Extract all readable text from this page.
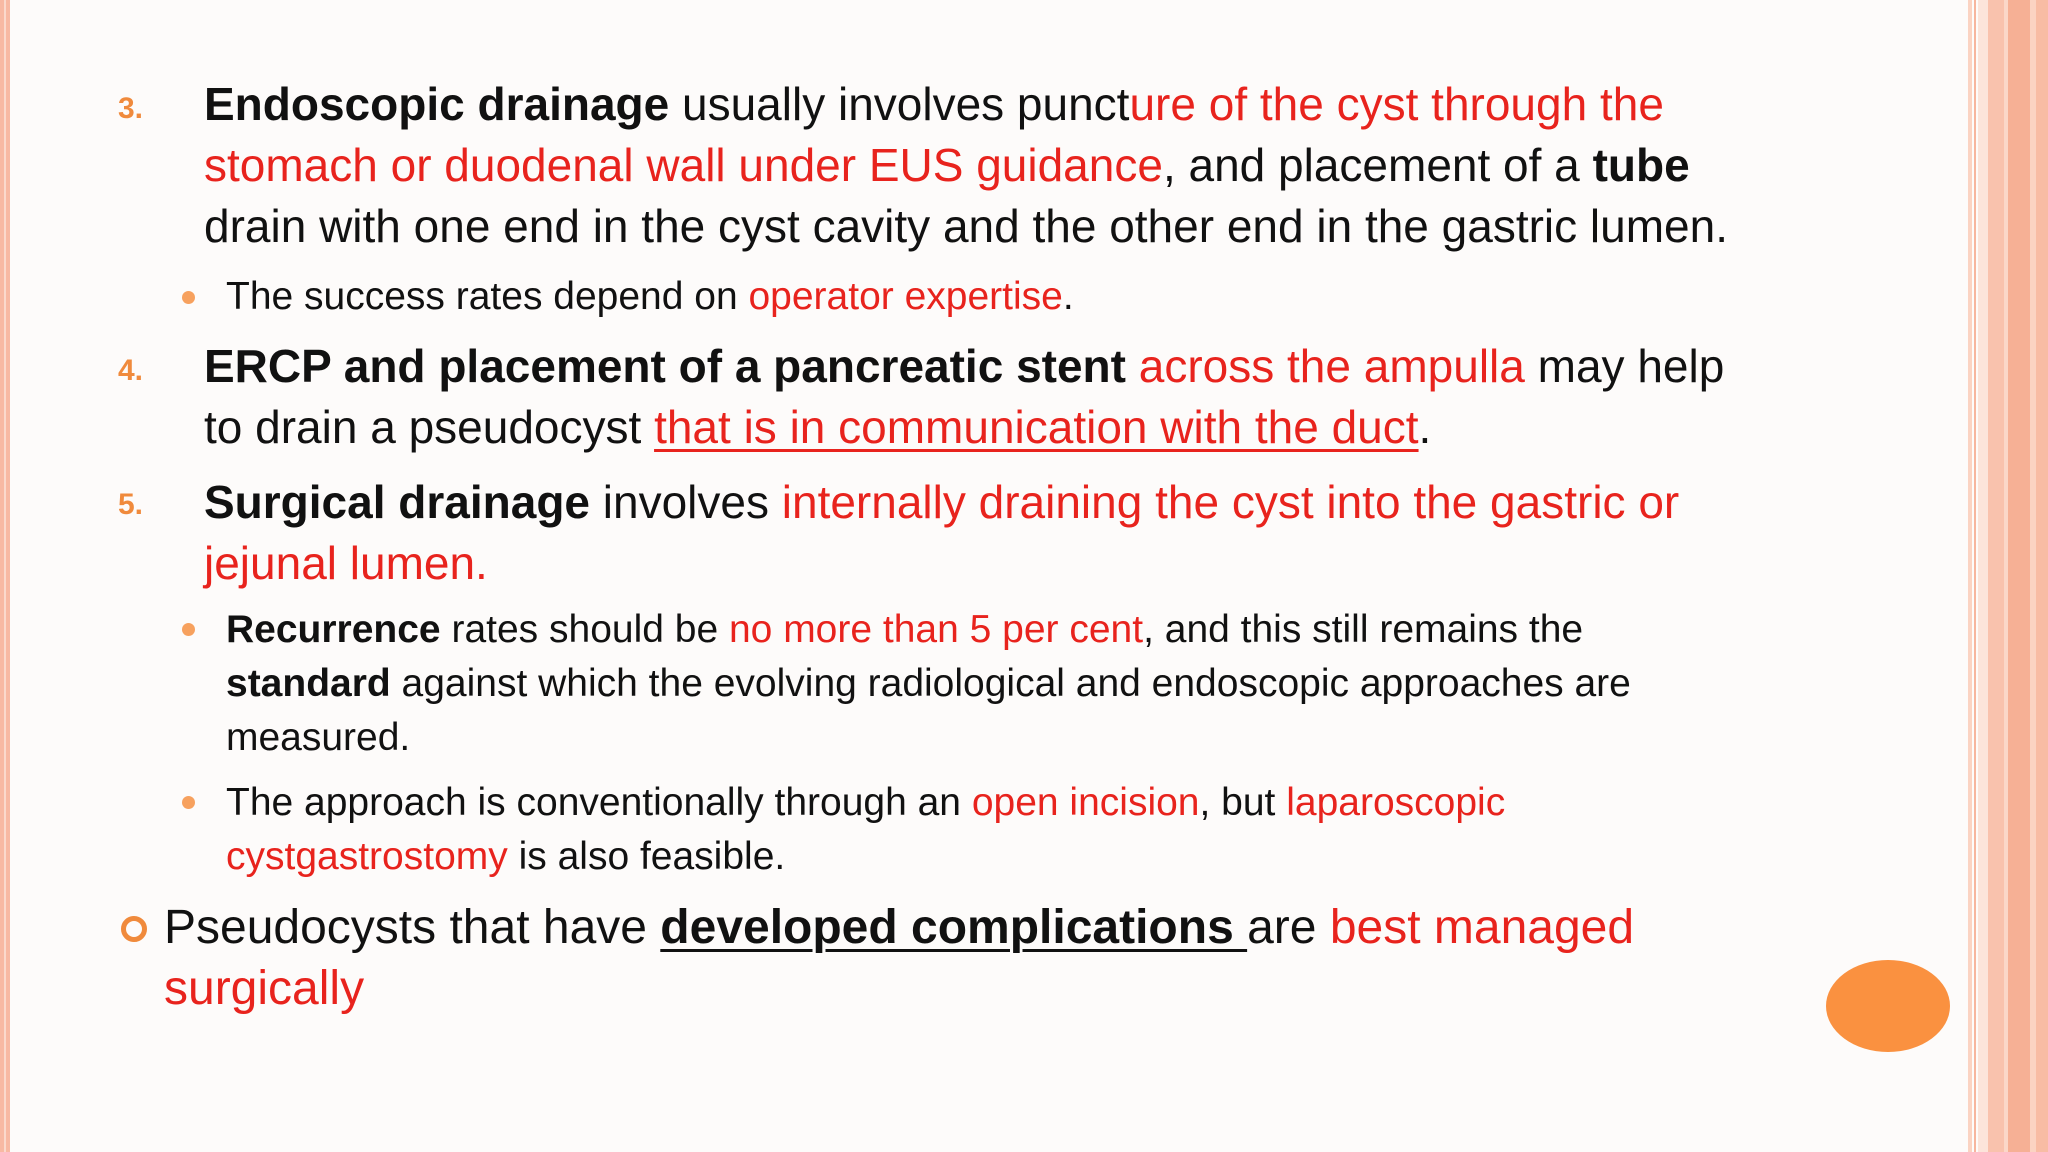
3. Endoscopic drainage usually involves puncture of the cyst through the
stomach or duodenal wall under EUS guidance, and placement of a tube
drain with one end in the cyst cavity and the other end in the gastric lumen.
The success rates depend on operator expertise.
4. ERCP and placement of a pancreatic stent across the ampulla may help
to drain a pseudocyst that is in communication with the duct.
5. Surgical drainage involves internally draining the cyst into the gastric or
jejunal lumen.
Recurrence rates should be no more than 5 per cent, and this still remains the
standard against which the evolving radiological and endoscopic approaches are
measured.
The approach is conventionally through an open incision, but laparoscopic
cystgastrostomy is also feasible.
Pseudocysts that have developed complications are best managed
surgically
